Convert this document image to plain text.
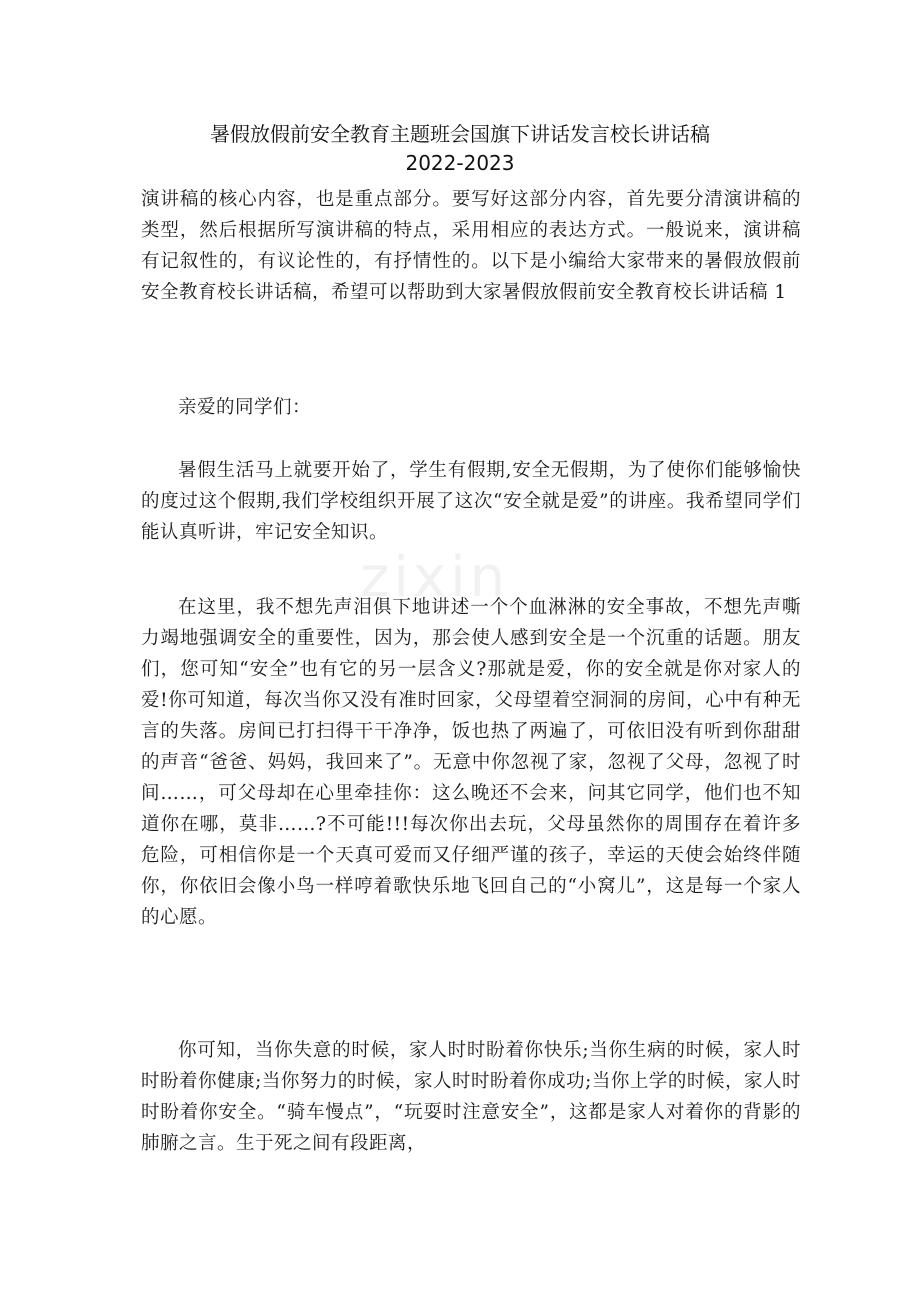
暑假放假前安全教育主题班会国旗下讲话发言校长讲话稿
2022-2023

演讲稿的核心内容，也是重点部分。要写好这部分内容，首先要分清演讲稿的类型，然后根据所写演讲稿的特点，采用相应的表达方式。一般说来，演讲稿有记叙性的，有议论性的，有抒情性的。以下是小编给大家带来的暑假放假前安全教育校长讲话稿，希望可以帮助到大家暑假放假前安全教育校长讲话稿 1

亲爱的同学们：

暑假生活马上就要开始了，学生有假期,安全无假期，为了使你们能够愉快的度过这个假期,我们学校组织开展了这次“安全就是爱”的讲座。我希望同学们能认真听讲，牢记安全知识。

在这里，我不想先声泪俱下地讲述一个个血淋淋的安全事故，不想先声嘶力竭地强调安全的重要性，因为，那会使人感到安全是一个沉重的话题。朋友们，您可知“安全”也有它的另一层含义?那就是爱，你的安全就是你对家人的爱!你可知道，每次当你又没有准时回家，父母望着空洞洞的房间，心中有种无言的失落。房间已打扫得干干净净，饭也热了两遍了，可依旧没有听到你甜甜的声音“爸爸、妈妈，我回来了”。无意中你忽视了家，忽视了父母，忽视了时间……，可父母却在心里牵挂你：这么晚还不会来，问其它同学，他们也不知道你在哪，莫非……?不可能!!!每次你出去玩，父母虽然你的周围存在着许多危险，可相信你是一个天真可爱而又仔细严谨的孩子，幸运的天使会始终伴随你，你依旧会像小鸟一样哼着歌快乐地飞回自己的“小窝儿”，这是每一个家人的心愿。

你可知，当你失意的时候，家人时时盼着你快乐;当你生病的时候，家人时时盼着你健康;当你努力的时候，家人时时盼着你成功;当你上学的时候，家人时时盼着你安全。“骑车慢点”，“玩耍时注意安全”，这都是家人对着你的背影的肺腑之言。生于死之间有段距离，

zixin
